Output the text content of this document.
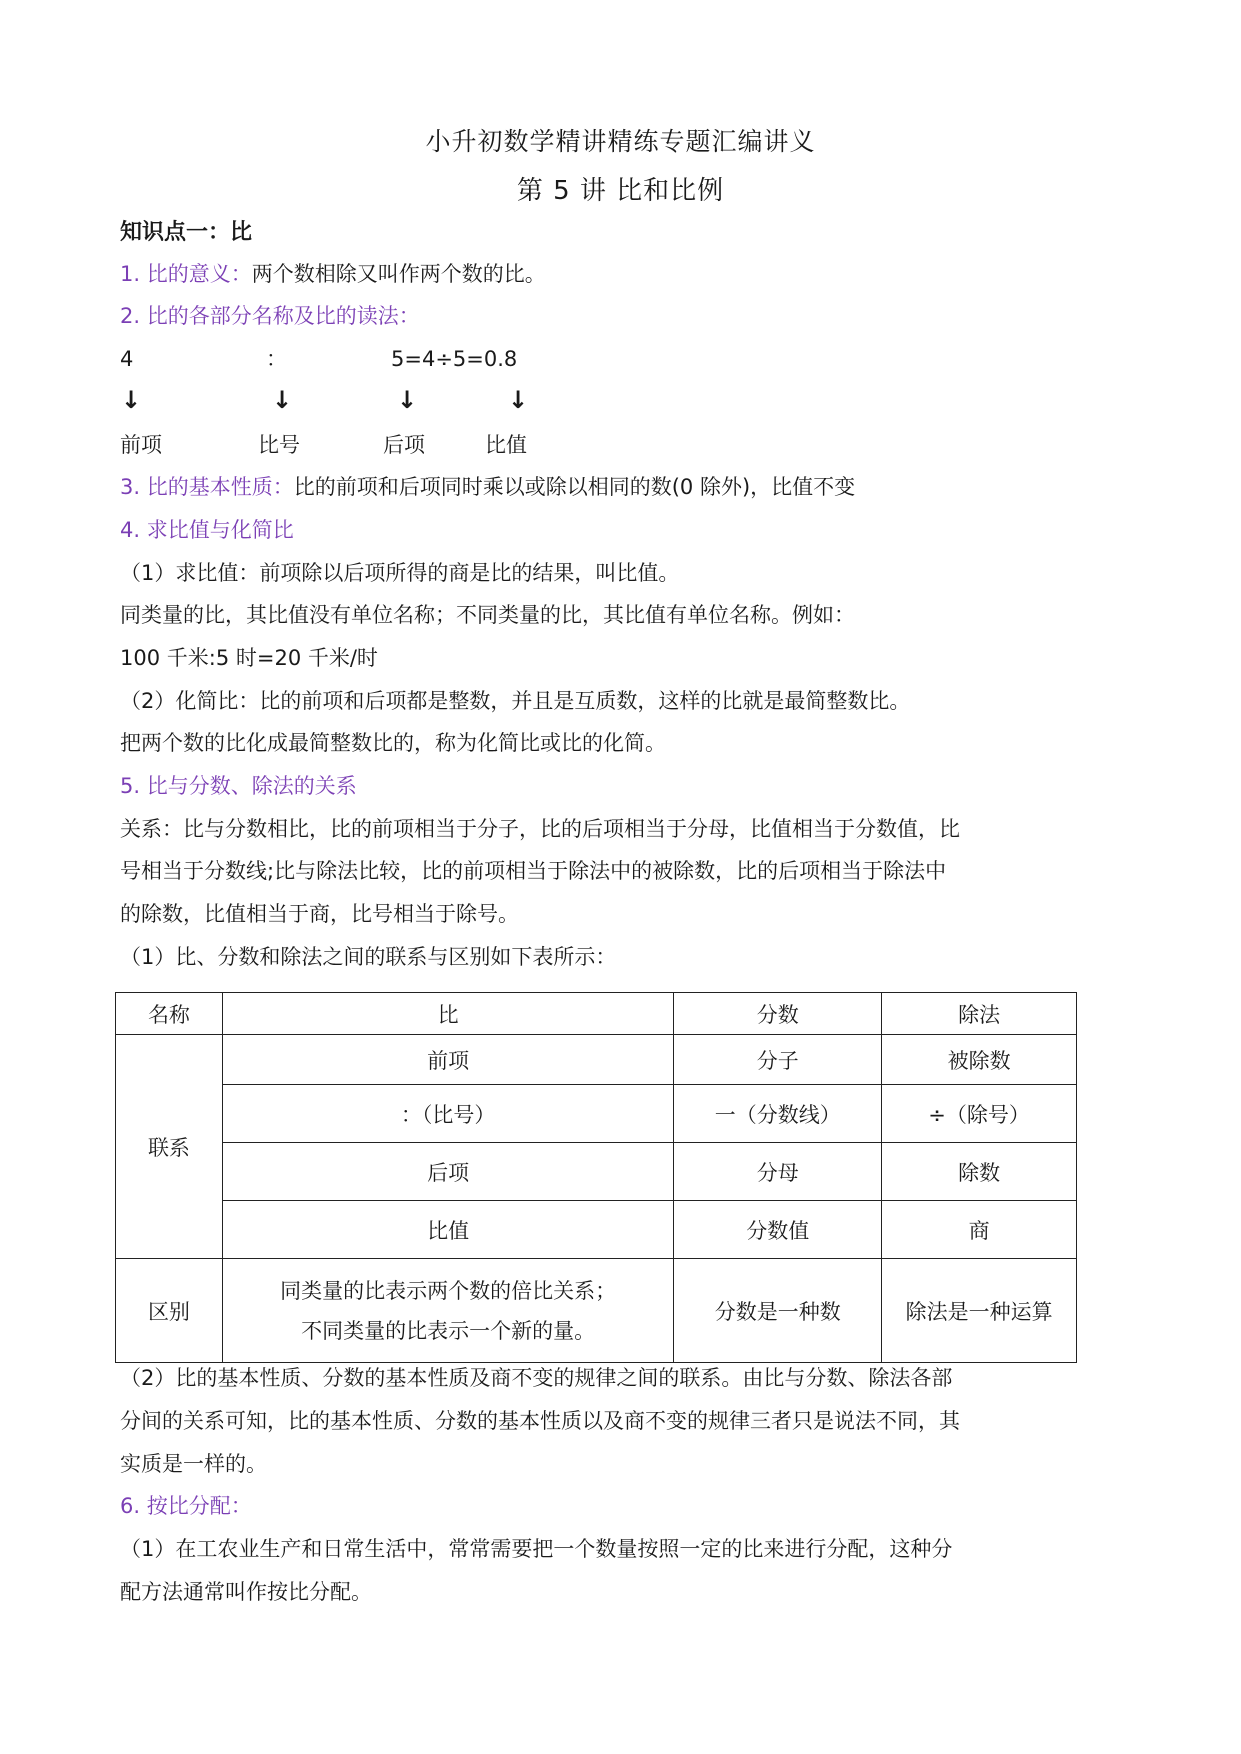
小升初数学精讲精练专题汇编讲义
第 5 讲 比和比例
知识点一：比
1. 比的意义：两个数相除又叫作两个数的比。
2. 比的各部分名称及比的读法：
4	：	5=4÷5=0.8
↓	↓	↓	↓
前项	比号	后项	比值
3. 比的基本性质：比的前项和后项同时乘以或除以相同的数(0 除外)，比值不变
4. 求比值与化简比
（1）求比值：前项除以后项所得的商是比的结果，叫比值。
同类量的比，其比值没有单位名称；不同类量的比，其比值有单位名称。例如：
100 千米:5 时=20 千米/时
（2）化简比：比的前项和后项都是整数，并且是互质数，这样的比就是最简整数比。
把两个数的比化成最简整数比的，称为化简比或比的化简。
5. 比与分数、除法的关系
关系：比与分数相比，比的前项相当于分子，比的后项相当于分母，比值相当于分数值，比
号相当于分数线;比与除法比较，比的前项相当于除法中的被除数，比的后项相当于除法中
的除数，比值相当于商，比号相当于除号。
（1）比、分数和除法之间的联系与区别如下表所示：
名称	比	分数	除法
联系	前项	分子	被除数
	：（比号）	一（分数线）	÷（除号）
	后项	分母	除数
	比值	分数值	商
区别	同类量的比表示两个数的倍比关系；
不同类量的比表示一个新的量。	分数是一种数	除法是一种运算
（2）比的基本性质、分数的基本性质及商不变的规律之间的联系。由比与分数、除法各部
分间的关系可知，比的基本性质、分数的基本性质以及商不变的规律三者只是说法不同，其
实质是一样的。
6. 按比分配：
（1）在工农业生产和日常生活中，常常需要把一个数量按照一定的比来进行分配，这种分
配方法通常叫作按比分配。
